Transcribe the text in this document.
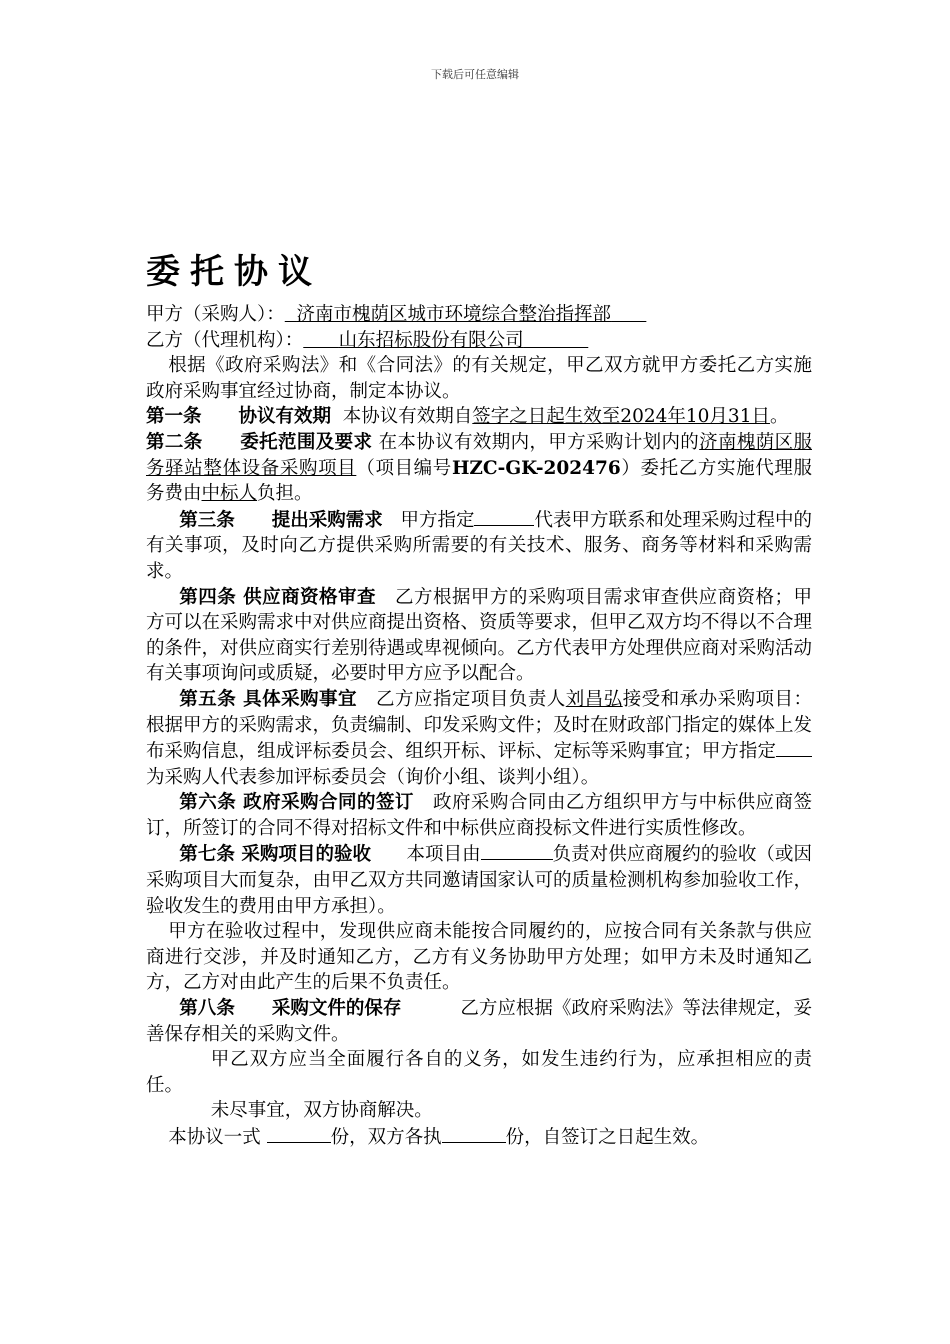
下载后可任意编辑
委托协议

甲方（采购人）： 济南市槐荫区城市环境综合整治指挥部

乙方（代理机构）： 山东招标股份有限公司

根据《政府采购法》和《合同法》的有关规定，甲乙双方就甲方委托乙方实施政府采购事宜经过协商，制定本协议。

第一条　　协议有效期 本协议有效期自签字之日起生效至2024年10月31日。

第二条　　委托范围及要求 在本协议有效期内，甲方采购计划内的济南槐荫区服务驿站整体设备采购项目（项目编号HZC-GK-202476）委托乙方实施代理服务费由中标人负担。

第三条　　提出采购需求 甲方指定	代表甲方联系和处理采购过程中的有关事项，及时向乙方提供采购所需要的有关技术、服务、商务等材料和采购需求。

第四条 供应商资格审查 乙方根据甲方的采购项目需求审查供应商资格；甲方可以在采购需求中对供应商提出资格、资质等要求，但甲乙双方均不得以不合理的条件，对供应商实行差别待遇或卑视倾向。乙方代表甲方处理供应商对采购活动有关事项询问或质疑，必要时甲方应予以配合。

第五条 具体采购事宜 乙方应指定项目负责人刘昌弘接受和承办采购项目：根据甲方的采购需求，负责编制、印发采购文件；及时在财政部门指定的媒体上发布采购信息，组成评标委员会、组织开标、评标、定标等采购事宜；甲方指定为采购人代表参加评标委员会（询价小组、谈判小组）。

第六条 政府采购合同的签订 政府采购合同由乙方组织甲方与中标供应商签订，所签订的合同不得对招标文件和中标供应商投标文件进行实质性修改。

第七条 采购项目的验收 本项目由	负责对供应商履约的验收（或因采购项目大而复杂，由甲乙双方共同邀请国家认可的质量检测机构参加验收工作，验收发生的费用由甲方承担）。

甲方在验收过程中，发现供应商未能按合同履约的，应按合同有关条款与供应商进行交涉，并及时通知乙方，乙方有义务协助甲方处理；如甲方未及时通知乙方，乙方对由此产生的后果不负责任。

第八条　　采购文件的保存	乙方应根据《政府采购法》等法律规定，妥善保存相关的采购文件。

甲乙双方应当全面履行各自的义务，如发生违约行为，应承担相应的责任。

未尽事宜，双方协商解决。

本协议一式	份，双方各执	份，自签订之日起生效。
